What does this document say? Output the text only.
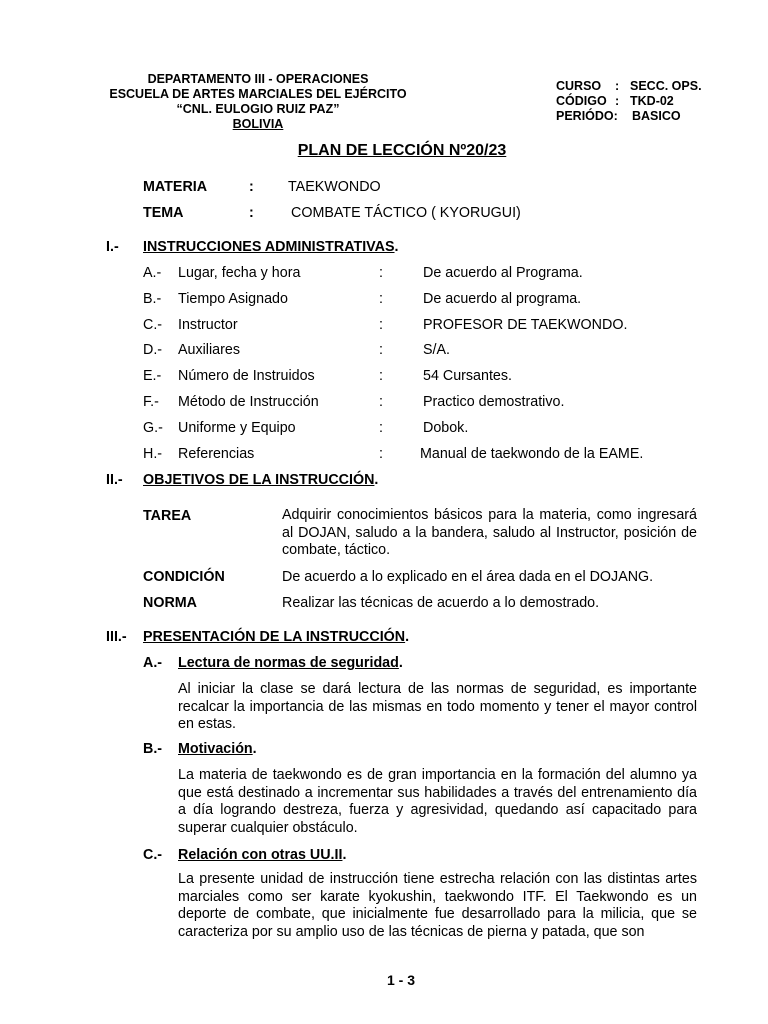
DEPARTAMENTO III - OPERACIONES
ESCUELA DE ARTES MARCIALES DEL EJÉRCITO
“CNL. EULOGIO RUIZ PAZ”
BOLIVIA
CURSO : SECC. OPS.
CÓDIGO : TKD-02
PERIÓDO: BASICO
PLAN DE LECCIÓN Nº20/23
MATERIA	: TAEKWONDO
TEMA	:	COMBATE TÁCTICO ( KYORUGUI)
I.- INSTRUCCIONES ADMINISTRATIVAS.
A.- Lugar, fecha y hora	:	De acuerdo al Programa.
B.- Tiempo Asignado	:	De acuerdo al programa.
C.- Instructor	:	PROFESOR DE TAEKWONDO.
D.- Auxiliares	:	S/A.
E.- Número de Instruidos	:	54 Cursantes.
F.- Método de Instrucción	:	Practico demostrativo.
G.- Uniforme y Equipo	:	Dobok.
H.- Referencias	:	Manual de taekwondo de la EAME.
II.- OBJETIVOS DE LA INSTRUCCIÓN.
TAREA	Adquirir conocimientos básicos para la materia, como ingresará al DOJAN, saludo a la bandera, saludo al Instructor, posición de combate, táctico.
CONDICIÓN	De acuerdo a lo explicado en el área dada en el DOJANG.
NORMA	Realizar las técnicas de acuerdo a lo demostrado.
III.- PRESENTACIÓN DE LA INSTRUCCIÓN.
A.- Lectura de normas de seguridad.
Al iniciar la clase se dará lectura de las normas de seguridad, es importante recalcar la importancia de las mismas en todo momento y tener el mayor control en estas.
B.- Motivación.
La materia de taekwondo es de gran importancia en la formación del alumno ya que está destinado a incrementar sus habilidades a través del entrenamiento día a día logrando destreza, fuerza y agresividad, quedando así capacitado para superar cualquier obstáculo.
C.- Relación con otras UU.II.
La presente unidad de instrucción tiene estrecha relación con las distintas artes marciales como ser karate kyokushin, taekwondo ITF. El Taekwondo es un deporte de combate, que inicialmente fue desarrollado para la milicia, que se caracteriza por su amplio uso de las técnicas de pierna y patada, que son
1 - 3
